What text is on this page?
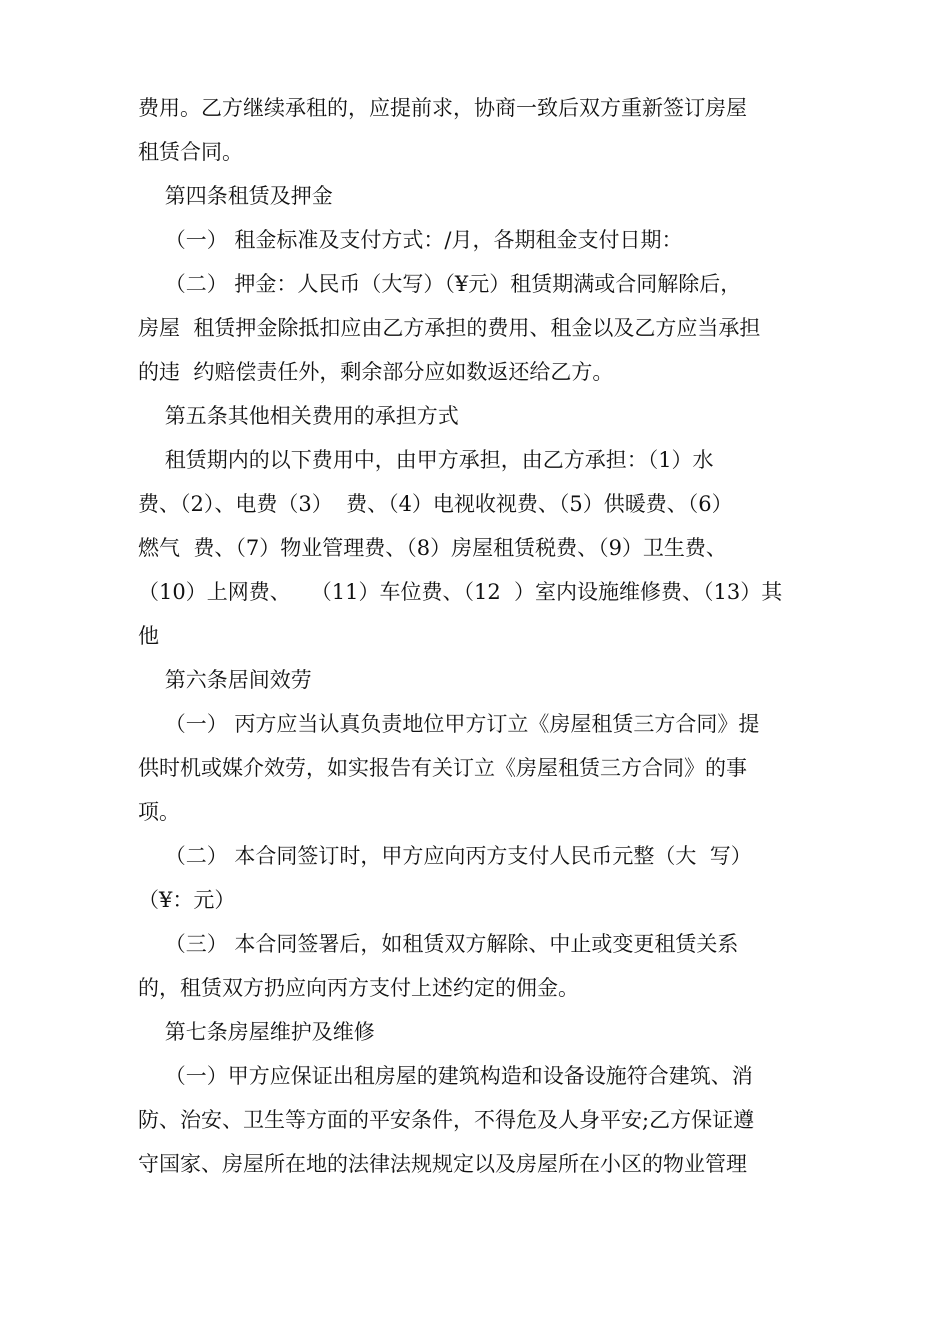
费用。乙方继续承租的，应提前求，协商一致后双方重新签订房屋
租赁合同。
第四条租赁及押金
（一） 租金标准及支付方式：/月，各期租金支付日期：
（二） 押金：人民币（大写）（¥元）租赁期满或合同解除后，
房屋  租赁押金除抵扣应由乙方承担的费用、租金以及乙方应当承担
的违  约赔偿责任外，剩余部分应如数返还给乙方。
第五条其他相关费用的承担方式
租赁期内的以下费用中，由甲方承担，由乙方承担：（1）水
费、（2）、电费（3）  费、（4）电视收视费、（5）供暖费、（6）
燃气  费、（7）物业管理费、（8）房屋租赁税费、（9）卫生费、
（10）上网费、   （11）车位费、（12  ）室内设施维修费、（13）其
他
第六条居间效劳
（一） 丙方应当认真负责地位甲方订立《房屋租赁三方合同》提
供时机或媒介效劳，如实报告有关订立《房屋租赁三方合同》的事
项。
（二） 本合同签订时，甲方应向丙方支付人民币元整（大  写）
（¥：元）
（三） 本合同签署后，如租赁双方解除、中止或变更租赁关系
的，租赁双方扔应向丙方支付上述约定的佣金。
第七条房屋维护及维修
（一）甲方应保证出租房屋的建筑构造和设备设施符合建筑、消
防、治安、卫生等方面的平安条件，不得危及人身平安;乙方保证遵
守国家、房屋所在地的法律法规规定以及房屋所在小区的物业管理
